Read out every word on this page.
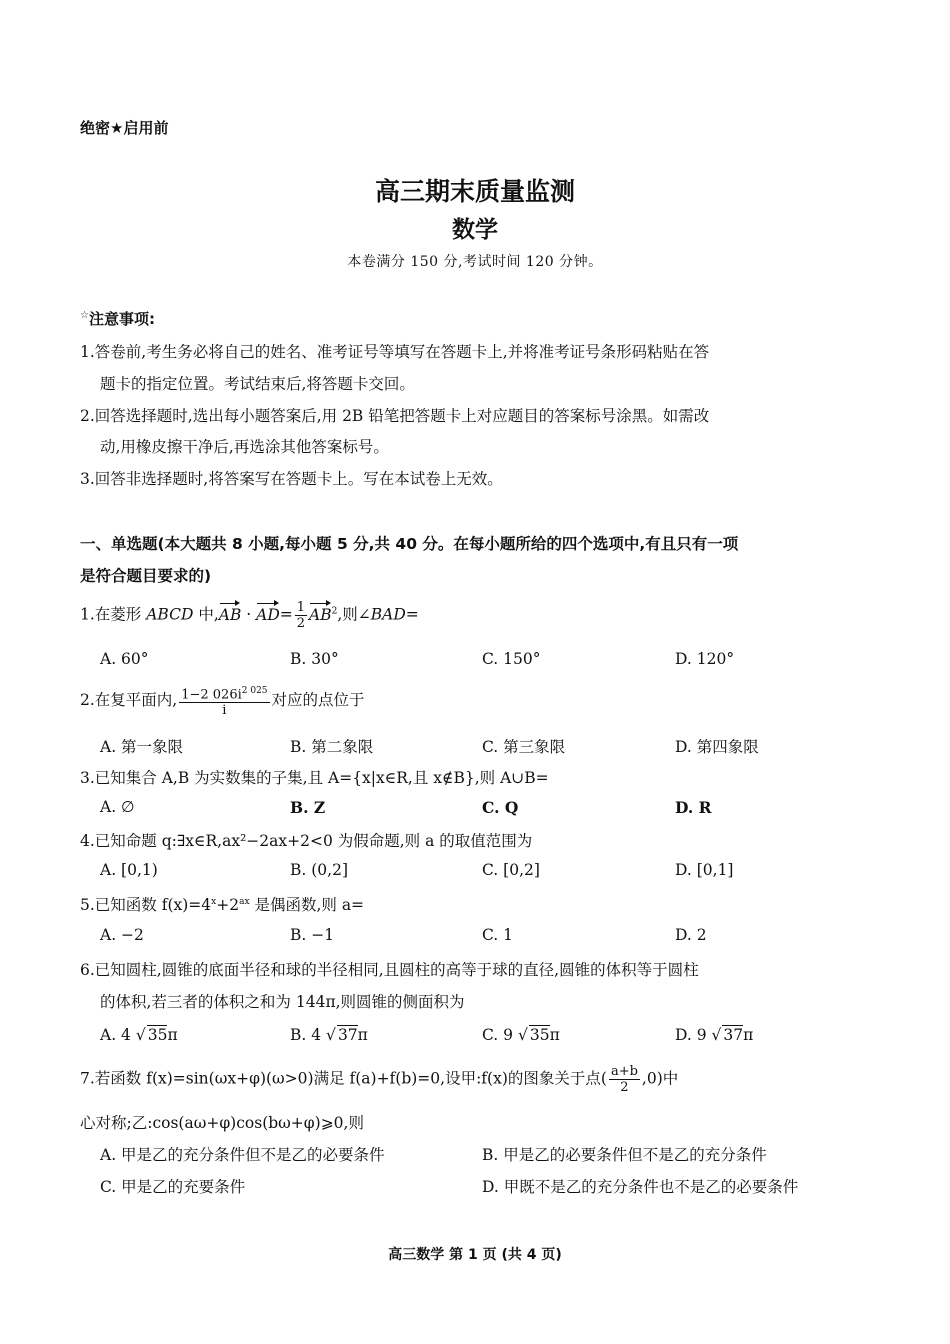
绝密★启用前
高三期末质量监测
数学
本卷满分 150 分,考试时间 120 分钟。
☆注意事项:
1.答卷前,考生务必将自己的姓名、准考证号等填写在答题卡上,并将准考证号条形码粘贴在答
题卡的指定位置。考试结束后,将答题卡交回。
2.回答选择题时,选出每小题答案后,用 2B 铅笔把答题卡上对应题目的答案标号涂黑。如需改
动,用橡皮擦干净后,再选涂其他答案标号。
3.回答非选择题时,将答案写在答题卡上。写在本试卷上无效。
一、单选题(本大题共 8 小题,每小题 5 分,共 40 分。在每小题所给的四个选项中,有且只有一项
是符合题目要求的)
1.在菱形 ABCD 中$,AB \cdot AD= \frac{1}{2} AB^2$,则∠BAD=
A. 60°	B. 30°	C. 150°	D. 120°
2.在复平面内, $\frac{1-2 026i^{2 025}}{i}$ 对应的点位于
A. 第一象限	B. 第二象限	C. 第三象限	D. 第四象限
3.已知集合 A,B 为实数集的子集,且 A={x|x∈R,且 x∉B},则 A∪B=
A. ∅	B. Z	C. Q	D. R
4.已知命题 q:∃x∈R,ax²−2ax+2<0 为假命题,则 a 的取值范围为
A. [0,1)	B. (0,2]	C. [0,2]	D. [0,1]
5.已知函数 $f(x)=4^x+2^{ax}$ 是偶函数,则 a=
A. −2	B. −1	C. 1	D. 2
6.已知圆柱,圆锥的底面半径和球的半径相同,且圆柱的高等于球的直径,圆锥的体积等于圆柱
的体积,若三者的体积之和为 144π,则圆锥的侧面积为
A. 4 √ 35π	B. 4 √ 37π	C. 9 √ 35π	D. 9 √ 37π
7.若函数 f(x)=sin(ωx+φ)(ω>0)满足 f(a)+f(b)=0,设甲:f(x)的图象关于点( $\frac{a+b}{2} ,0$)中
心对称;乙:cos(aω+φ)cos(bω+φ)⩾0,则
A. 甲是乙的充分条件但不是乙的必要条件	B. 甲是乙的必要条件但不是乙的充分条件
C. 甲是乙的充要条件	D. 甲既不是乙的充分条件也不是乙的必要条件
高三数学 第 1 页 (共 4 页)
